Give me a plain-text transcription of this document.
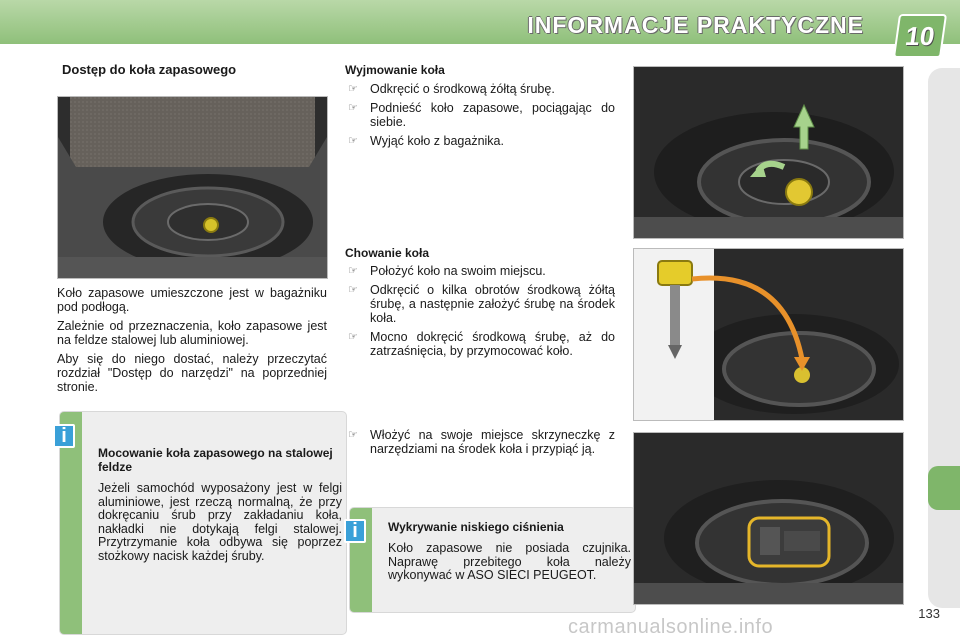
INFORMACJE PRAKTYCZNE	10
Dostęp do koła zapasowego

Koło zapasowe umieszczone jest w bagażniku pod podłogą.

Zależnie od przeznaczenia, koło zapasowe jest na feldze stalowej lub aluminiowej.

Aby się do niego dostać, należy przeczytać rozdział "Dostęp do narzędzi" na poprzedniej stronie.

Mocowanie koła zapasowego na stalowej feldze

Jeżeli samochód wyposażony jest w felgi aluminiowe, jest rzeczą normalną, że przy dokręcaniu śrub przy zakładaniu koła, nakładki nie dotykają felgi stalowej. Przytrzymanie koła odbywa się poprzez stożkowy nacisk każdej śruby.

i
Wyjmowanie koła
☞ Odkręcić o środkową żółtą śrubę.
☞ Podnieść koło zapasowe, pociągając do siebie.
☞ Wyjąć koło z bagażnika.
Chowanie koła
☞ Położyć koło na swoim miejscu.
☞ Odkręcić o kilka obrotów środkową żółtą śrubę, a następnie założyć śrubę na środek koła.
☞ Mocno dokręcić środkową śrubę, aż do zatrzaśnięcia, by przymocować koło.
☞ Włożyć na swoje miejsce skrzyneczkę z narzędziami na środek koła i przypiąć ją.

Wykrywanie niskiego ciśnienia

Koło zapasowe nie posiada czujnika. Naprawę przebitego koła należy wykonywać w ASO SIECI PEUGEOT.

i
133
carmanualsonline.info
